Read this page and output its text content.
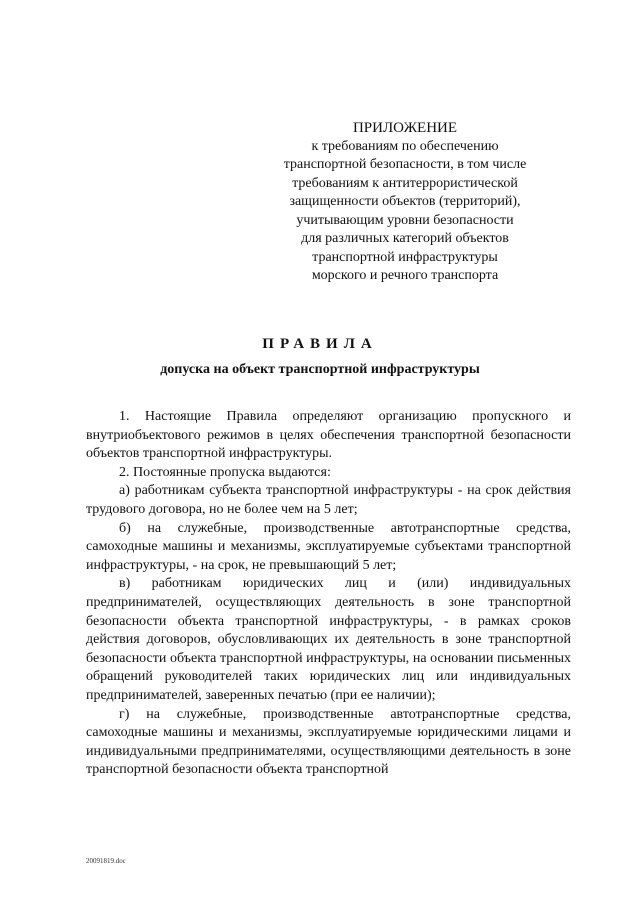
ПРИЛОЖЕНИЕ
к требованиям по обеспечению
транспортной безопасности, в том числе
требованиям к антитеррористической
защищенности объектов (территорий),
учитывающим уровни безопасности
для различных категорий объектов
транспортной инфраструктуры
морского и речного транспорта
ПРАВИЛА
допуска на объект транспортной инфраструктуры

1. Настоящие Правила определяют организацию пропускного и внутриобъектового режимов в целях обеспечения транспортной безопасности объектов транспортной инфраструктуры.

2. Постоянные пропуска выдаются:

а) работникам субъекта транспортной инфраструктуры - на срок действия трудового договора, но не более чем на 5 лет;

б) на служебные, производственные автотранспортные средства, самоходные машины и механизмы, эксплуатируемые субъектами транспортной инфраструктуры, - на срок, не превышающий 5 лет;

в) работникам юридических лиц и (или) индивидуальных предпринимателей, осуществляющих деятельность в зоне транспортной безопасности объекта транспортной инфраструктуры, - в рамках сроков действия договоров, обусловливающих их деятельность в зоне транспортной безопасности объекта транспортной инфраструктуры, на основании письменных обращений руководителей таких юридических лиц или индивидуальных предпринимателей, заверенных печатью (при ее наличии);

г) на служебные, производственные автотранспортные средства, самоходные машины и механизмы, эксплуатируемые юридическими лицами и индивидуальными предпринимателями, осуществляющими деятельность в зоне транспортной безопасности объекта транспортной

20091819.doc
